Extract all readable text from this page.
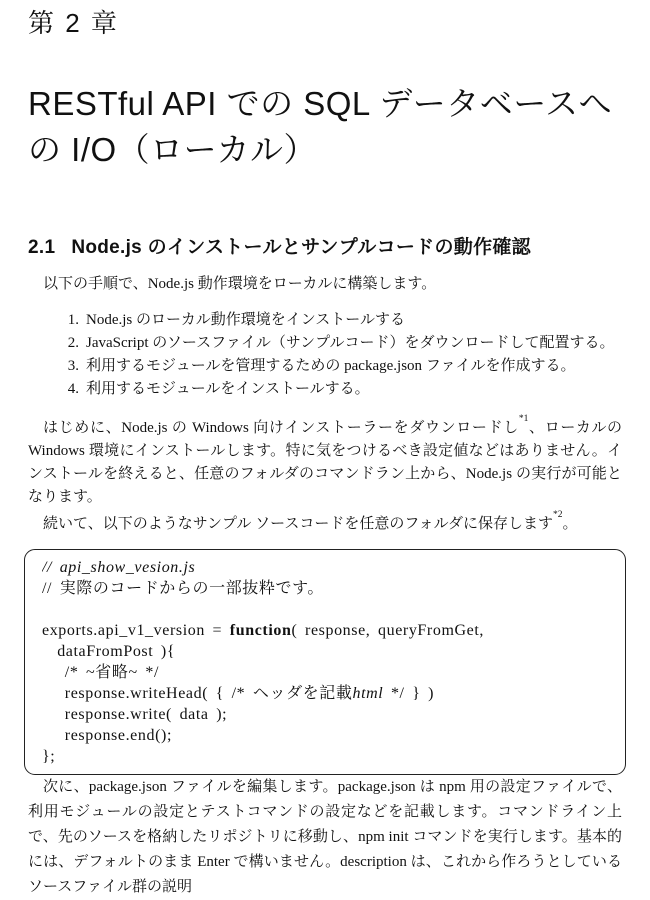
第 2 章
RESTful API での SQL データベースへ
の I/O（ローカル）
2.1 Node.js のインストールとサンプルコードの動作確認

以下の手順で、Node.js 動作環境をローカルに構築します。

1. Node.js のローカル動作環境をインストールする
2. JavaScript のソースファイル（サンプルコード）をダウンロードして配置する。
3. 利用するモジュールを管理するための package.json ファイルを作成する。
4. 利用するモジュールをインストールする。

はじめに、Node.js の Windows 向けインストーラーをダウンロードし$^{*1}$、ローカルの Windows 環境にインストールします。特に気をつけるべき設定値などはありません。インストールを終えると、任意のフォルダのコマンドラン上から、Node.js の実行が可能となります。

続いて、以下のようなサンプル ソースコードを任意のフォルダに保存します$^{*2}$。

// api_show_vesion.js
// 実際のコードからの一部抜粋です。
exports.api_v1_version = function( response, queryFromGet,
dataFromPost ){
/* ~省略~ */
response.writeHead( { /* ヘッダを記載html */ } )
response.write( data );
response.end();
};

次に、package.json ファイルを編集します。package.json は npm 用の設定ファイルで、利用モジュールの設定とテストコマンドの設定などを記載します。コマンドライン上で、先のソースを格納したリポジトリに移動し、npm init コマンドを実行します。基本的には、デフォルトのまま Enter で構いません。description は、これから作ろうとしているソースファイル群の説明
